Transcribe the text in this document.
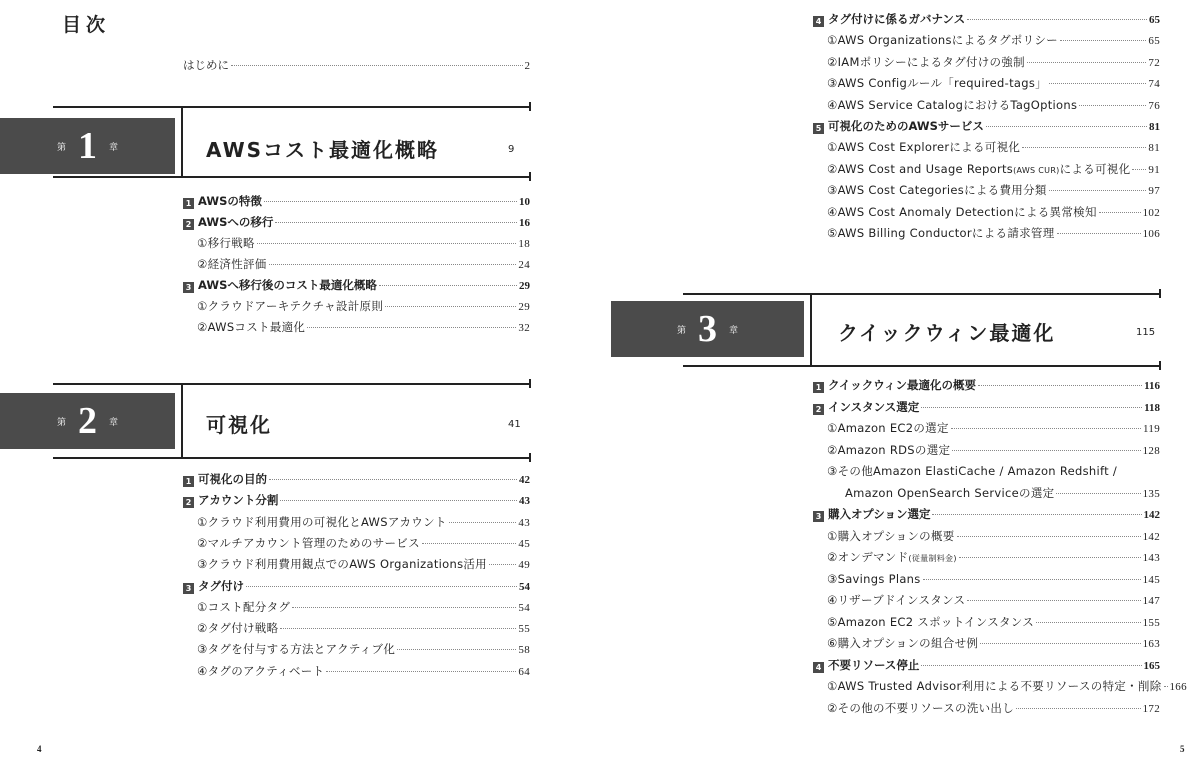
目次
はじめに	2
第 1 章	AWSコスト最適化概略	9
1 AWSの特徴	10
2 AWSへの移行	16
①移行戦略	18
②経済性評価	24
3 AWSへ移行後のコスト最適化概略	29
①クラウドアーキテクチャ設計原則	29
②AWSコスト最適化	32
第 2 章	可視化	41
1 可視化の目的	42
2 アカウント分割	43
①クラウド利用費用の可視化とAWSアカウント	43
②マルチアカウント管理のためのサービス	45
③クラウド利用費用観点でのAWS Organizations活用	49
3 タグ付け	54
①コスト配分タグ	54
②タグ付け戦略	55
③タグを付与する方法とアクティブ化	58
④タグのアクティベート	64
4
4 タグ付けに係るガバナンス	65
①AWS Organizationsによるタグポリシー	65
②IAMポリシーによるタグ付けの強制	72
③AWS Configルール「required-tags」	74
④AWS Service CatalogにおけるTagOptions	76
5 可視化のためのAWSサービス	81
①AWS Cost Explorerによる可視化	81
②AWS Cost and Usage Reports (AWS CUR) による可視化 91
③AWS Cost Categoriesによる費用分類	97
④AWS Cost Anomaly Detectionによる異常検知	102
⑤AWS Billing Conductorによる請求管理	106
第 3 章	クイックウィン最適化	115
1 クイックウィン最適化の概要	116
2 インスタンス選定	118
①Amazon EC2の選定	119
②Amazon RDSの選定	128
③その他Amazon ElastiCache / Amazon Redshift /
Amazon OpenSearch Serviceの選定	135
3 購入オプション選定	142
①購入オプションの概要	142
②オンデマンド (従量制料金)	143
③Savings Plans	145
④リザーブドインスタンス	147
⑤Amazon EC2 スポットインスタンス	155
⑥購入オプションの組合せ例	163
4 不要リソース停止	165
①AWS Trusted Advisor利用による不要リソースの特定・削除 166
②その他の不要リソースの洗い出し	172
5
